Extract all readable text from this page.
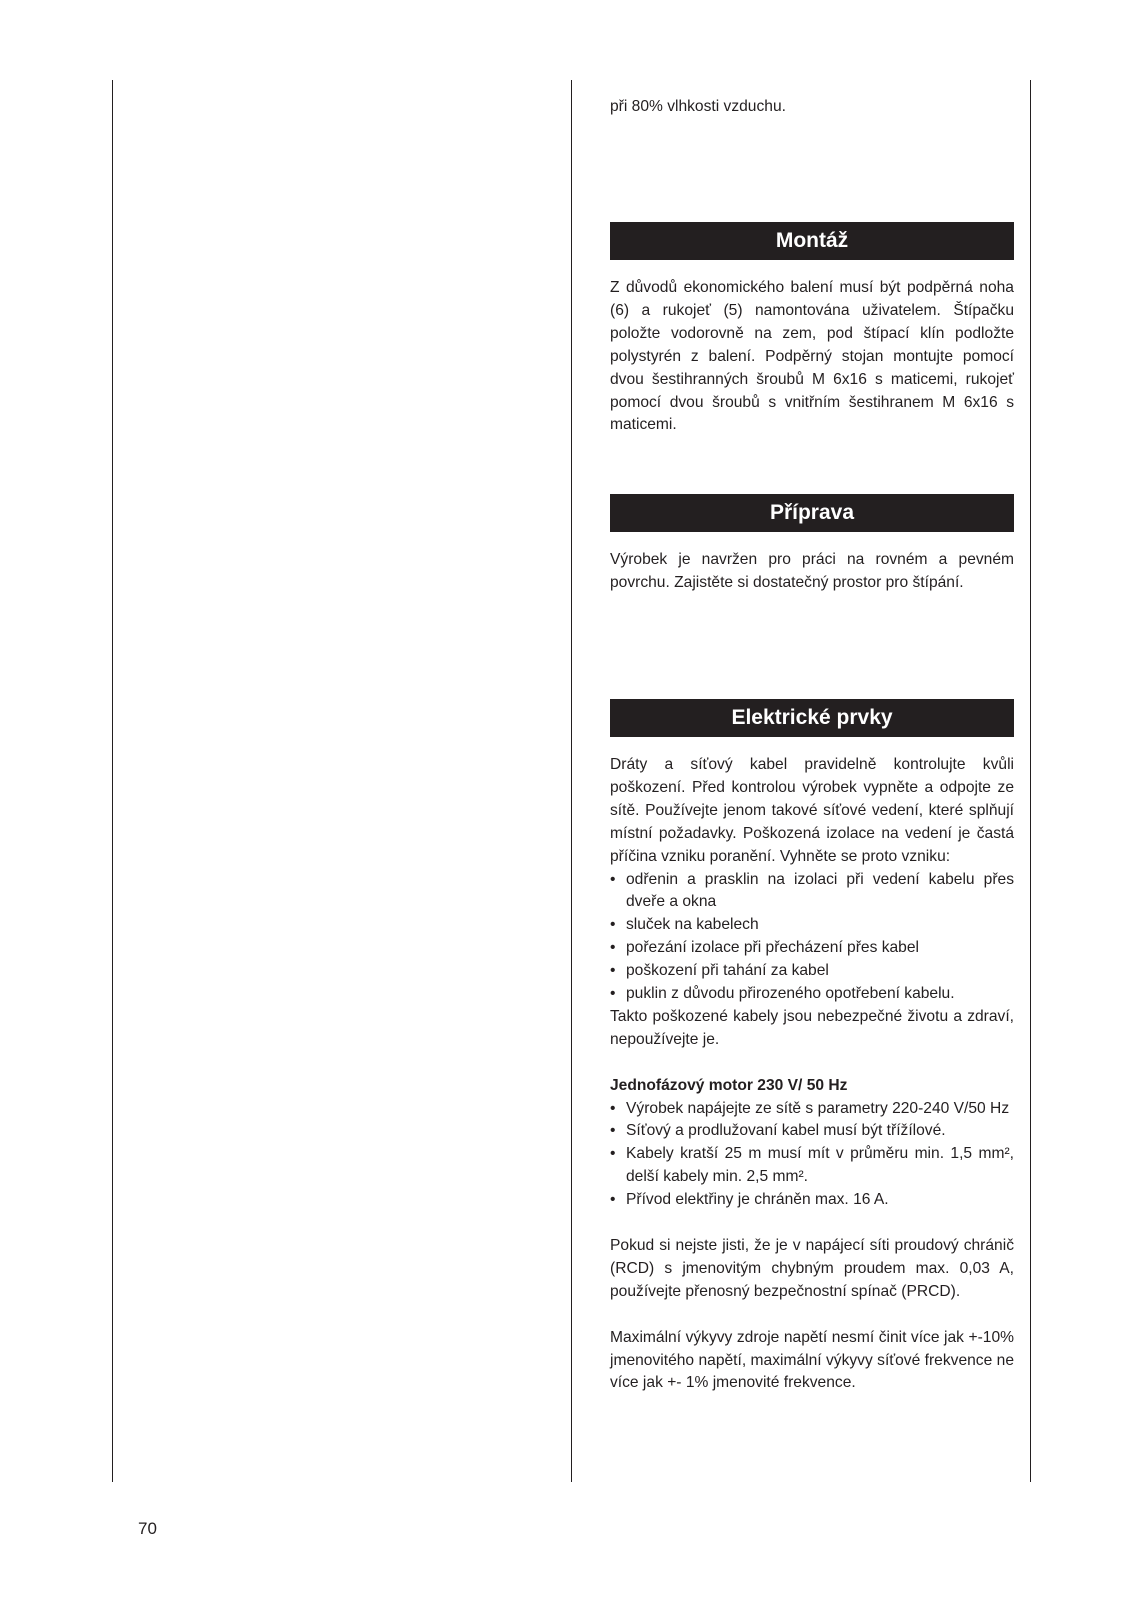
při 80% vlhkosti vzduchu.

Montáž

Z důvodů ekonomického balení musí být podpěrná noha (6) a rukojeť (5) namontována uživatelem. Štípačku položte vodorovně na zem, pod štípací klín podložte polystyrén z balení. Podpěrný stojan montujte pomocí dvou šestihranných šroubů M 6x16 s maticemi, rukojeť pomocí dvou šroubů s vnitřním šestihranem M 6x16 s maticemi.

Příprava

Výrobek je navržen pro práci na rovném a pevném povrchu. Zajistěte si dostatečný prostor pro štípání.

Elektrické prvky

Dráty a síťový kabel pravidelně kontrolujte kvůli poškození. Před kontrolou výrobek vypněte a odpojte ze sítě. Používejte jenom takové síťové vedení, které splňují místní požadavky. Poškozená izolace na vedení je častá příčina vzniku poranění. Vyhněte se proto vzniku:

• odřenin a prasklin na izolaci při vedení kabelu přes dveře a okna
• sluček na kabelech
• pořezání izolace při přecházení přes kabel
• poškození při tahání za kabel
• puklin z důvodu přirozeného opotřebení kabelu.

Takto poškozené kabely jsou nebezpečné životu a zdraví, nepoužívejte je.

Jednofázový motor 230 V/ 50 Hz

• Výrobek napájejte ze sítě s parametry 220-240 V/50 Hz
• Síťový a prodlužovaní kabel musí být třížílové.
• Kabely kratší 25 m musí mít v průměru min. 1,5 mm², delší kabely min. 2,5 mm².
• Přívod elektřiny je chráněn max. 16 A.

Pokud si nejste jisti, že je v napájecí síti proudový chránič (RCD) s jmenovitým chybným proudem max. 0,03 A, používejte přenosný bezpečnostní spínač (PRCD).

Maximální výkyvy zdroje napětí nesmí činit více jak +-10% jmenovitého napětí, maximální výkyvy síťové frekvence ne více jak +- 1% jmenovité frekvence.

70
